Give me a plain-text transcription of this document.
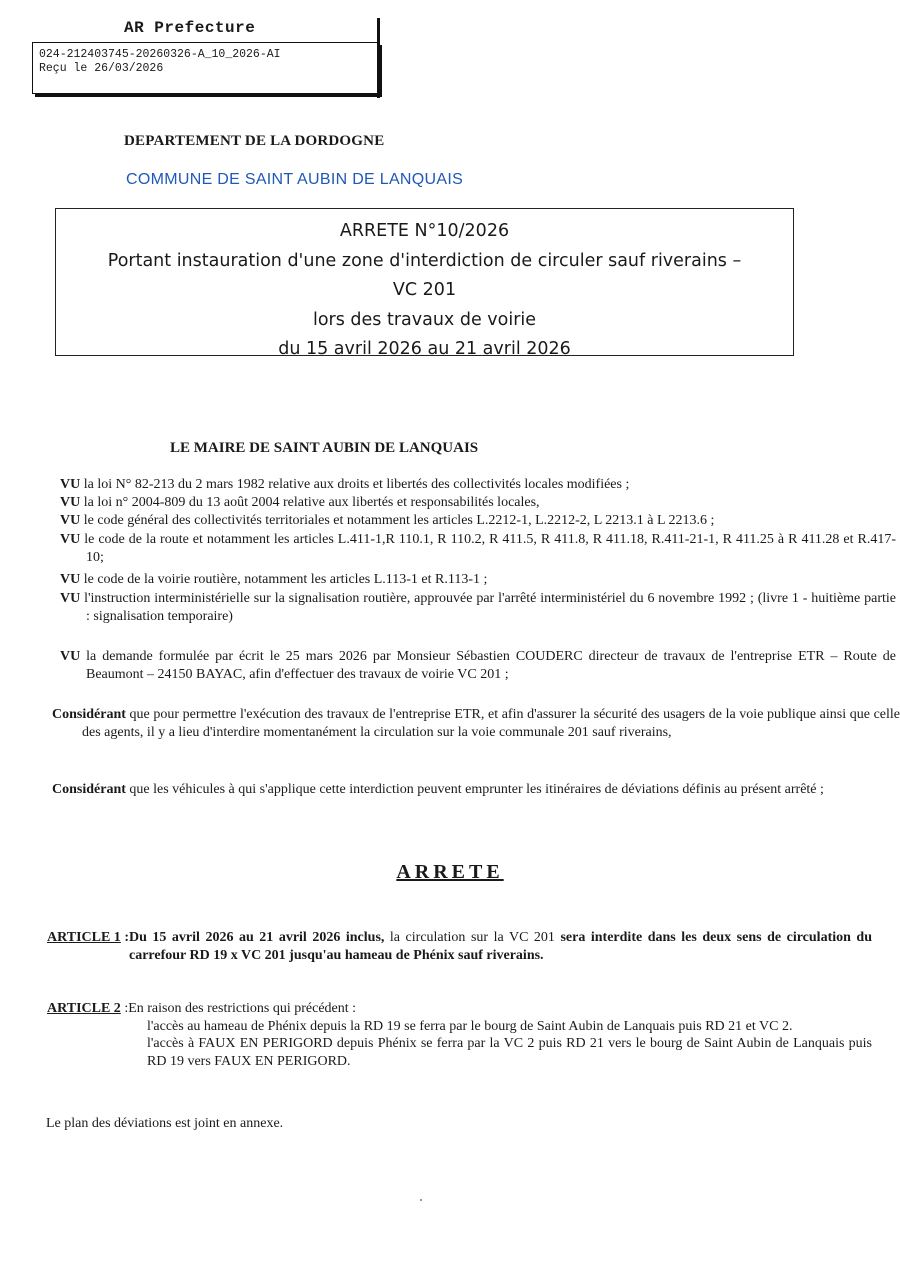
AR Prefecture
024-212403745-20260326-A_10_2026-AI
Reçu le 26/03/2026
DEPARTEMENT DE LA DORDOGNE
COMMUNE DE SAINT AUBIN DE LANQUAIS
ARRETE N°10/2026
Portant instauration d'une zone d'interdiction de circuler sauf riverains –
VC 201
lors des travaux de voirie
du 15 avril 2026 au 21 avril 2026
LE MAIRE DE SAINT AUBIN DE LANQUAIS
VU la loi N° 82-213 du 2 mars 1982 relative aux droits et libertés des collectivités locales modifiées ;
VU la loi n° 2004-809 du 13 août 2004 relative aux libertés et responsabilités locales,
VU le code général des collectivités territoriales et notamment les articles L.2212-1, L.2212-2, L 2213.1 à L 2213.6 ;
VU le code de la route et notamment les articles L.411-1,R 110.1, R 110.2, R 411.5, R 411.8, R 411.18, R.411-21-1, R 411.25 à R 411.28 et R.417-10;
VU le code de la voirie routière, notamment les articles L.113-1 et R.113-1 ;
VU l'instruction interministérielle sur la signalisation routière, approuvée par l'arrêté interministériel du 6 novembre 1992 ; (livre 1 - huitième partie : signalisation temporaire)
VU la demande formulée par écrit le 25 mars 2026 par Monsieur Sébastien COUDERC directeur de travaux de l'entreprise ETR – Route de Beaumont – 24150 BAYAC, afin d'effectuer des travaux de voirie VC 201 ;
Considérant que pour permettre l'exécution des travaux de l'entreprise ETR, et afin d'assurer la sécurité des usagers de la voie publique ainsi que celle des agents, il y a lieu d'interdire momentanément la circulation sur la voie communale 201 sauf riverains,
Considérant que les véhicules à qui s'applique cette interdiction peuvent emprunter les itinéraires de déviations définis au présent arrêté ;
ARRETE
ARTICLE 1 : Du 15 avril 2026 au 21 avril 2026 inclus, la circulation sur la VC 201 sera interdite dans les deux sens de circulation du carrefour RD 19 x VC 201 jusqu'au hameau de Phénix sauf riverains.
ARTICLE 2 : En raison des restrictions qui précédent :
l'accès au hameau de Phénix depuis la RD 19 se ferra par le bourg de Saint Aubin de Lanquais puis RD 21 et VC 2.
l'accès à FAUX EN PERIGORD depuis Phénix se ferra par la VC 2 puis RD 21 vers le bourg de Saint Aubin de Lanquais puis RD 19 vers FAUX EN PERIGORD.
Le plan des déviations est joint en annexe.
